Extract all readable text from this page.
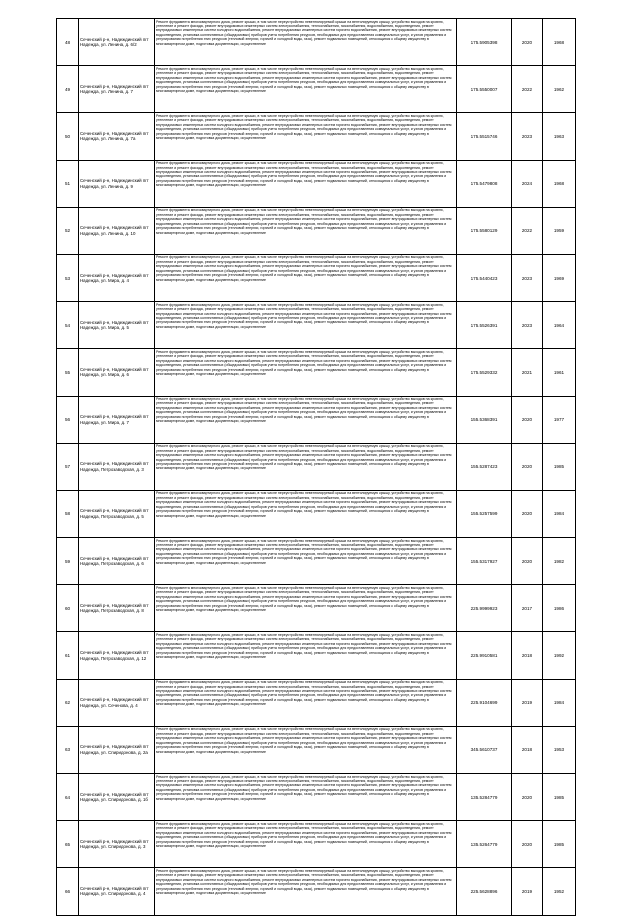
48	Сеченский р-н, Надеждинский пгт Надежда, ул. Ленина, д. 6/2	Ремонт фундамента многоквартирного дома, ремонт крыши, в том числе переустройство невентилируемой крыши на вентилируемую крышу, устройство выходов на кровлю, утепление и ремонт фасада, ремонт внутридомовых инженерных систем электроснабжения, теплоснабжения, газоснабжения, водоснабжения, водоотведения, ремонт внутридомовых инженерных систем холодного водоснабжения, ремонт внутридомовых инженерных систем горячего водоснабжения, ремонт внутридомовых инженерных систем водоотведения, установка коллективных (общедомовых) приборов учета потребления ресурсов, необходимых для предоставления коммунальных услуг, и узлов управления и регулирования потребления этих ресурсов (тепловой энергии, горячей и холодной воды, газа), ремонт подвальных помещений, относящихся к общему имуществу в многоквартирном доме, подготовка документации, осуществление	175.5905398	2020	1968
49	Сеченский р-н, Надеждинский пгт Надежда, ул. Ленина, д. 7	Ремонт фундамента многоквартирного дома, ремонт крыши, в том числе переустройство невентилируемой крыши на вентилируемую крышу, устройство выходов на кровлю, утепление и ремонт фасада, ремонт внутридомовых инженерных систем электроснабжения, теплоснабжения, газоснабжения, водоснабжения, водоотведения, ремонт внутридомовых инженерных систем холодного водоснабжения, ремонт внутридомовых инженерных систем горячего водоснабжения, ремонт внутридомовых инженерных систем водоотведения, установка коллективных (общедомовых) приборов учета потребления ресурсов, необходимых для предоставления коммунальных услуг, и узлов управления и регулирования потребления этих ресурсов (тепловой энергии, горячей и холодной воды, газа), ремонт подвальных помещений, относящихся к общему имуществу в многоквартирном доме, подготовка документации, осуществление	175.5550007	2022	1962
50	Сеченский р-н, Надеждинский пгт Надежда, ул. Ленина, д. 7а	Ремонт фундамента многоквартирного дома, ремонт крыши, в том числе переустройство невентилируемой крыши на вентилируемую крышу, устройство выходов на кровлю, утепление и ремонт фасада, ремонт внутридомовых инженерных систем электроснабжения, теплоснабжения, газоснабжения, водоснабжения, водоотведения, ремонт внутридомовых инженерных систем холодного водоснабжения, ремонт внутридомовых инженерных систем горячего водоснабжения, ремонт внутридомовых инженерных систем водоотведения, установка коллективных (общедомовых) приборов учета потребления ресурсов, необходимых для предоставления коммунальных услуг, и узлов управления и регулирования потребления этих ресурсов (тепловой энергии, горячей и холодной воды, газа), ремонт подвальных помещений, относящихся к общему имуществу в многоквартирном доме, подготовка документации, осуществление	175.5515746	2023	1963
51	Сеченский р-н, Надеждинский пгт Надежда, ул. Ленина, д. 9	Ремонт фундамента многоквартирного дома, ремонт крыши, в том числе переустройство невентилируемой крыши на вентилируемую крышу, устройство выходов на кровлю, утепление и ремонт фасада, ремонт внутридомовых инженерных систем электроснабжения, теплоснабжения, газоснабжения, водоснабжения, водоотведения, ремонт внутридомовых инженерных систем холодного водоснабжения, ремонт внутридомовых инженерных систем горячего водоснабжения, ремонт внутридомовых инженерных систем водоотведения, установка коллективных (общедомовых) приборов учета потребления ресурсов, необходимых для предоставления коммунальных услуг, и узлов управления и регулирования потребления этих ресурсов (тепловой энергии, горячей и холодной воды, газа), ремонт подвальных помещений, относящихся к общему имуществу в многоквартирном доме, подготовка документации, осуществление	175.5479808	2024	1968
52	Сеченский р-н, Надеждинский пгт Надежда, ул. Ленина, д. 10	Ремонт фундамента многоквартирного дома, ремонт крыши, в том числе переустройство невентилируемой крыши на вентилируемую крышу, устройство выходов на кровлю, утепление и ремонт фасада, ремонт внутридомовых инженерных систем электроснабжения, теплоснабжения, газоснабжения, водоснабжения, водоотведения, ремонт внутридомовых инженерных систем холодного водоснабжения, ремонт внутридомовых инженерных систем горячего водоснабжения, ремонт внутридомовых инженерных систем водоотведения, установка коллективных (общедомовых) приборов учета потребления ресурсов, необходимых для предоставления коммунальных услуг, и узлов управления и регулирования потребления этих ресурсов (тепловой энергии, горячей и холодной воды, газа), ремонт подвальных помещений, относящихся к общему имуществу в многоквартирном доме, подготовка документации, осуществление	175.5580129	2022	1959
53	Сеченский р-н, Надеждинский пгт Надежда, ул. Мира, д. 4	Ремонт фундамента многоквартирного дома, ремонт крыши, в том числе переустройство невентилируемой крыши на вентилируемую крышу, устройство выходов на кровлю, утепление и ремонт фасада, ремонт внутридомовых инженерных систем электроснабжения, теплоснабжения, газоснабжения, водоснабжения, водоотведения, ремонт внутридомовых инженерных систем холодного водоснабжения, ремонт внутридомовых инженерных систем горячего водоснабжения, ремонт внутридомовых инженерных систем водоотведения, установка коллективных (общедомовых) приборов учета потребления ресурсов, необходимых для предоставления коммунальных услуг, и узлов управления и регулирования потребления этих ресурсов (тепловой энергии, горячей и холодной воды, газа), ремонт подвальных помещений, относящихся к общему имуществу в многоквартирном доме, подготовка документации, осуществление	175.5440423	2023	1969
54	Сеченский р-н, Надеждинский пгт Надежда, ул. Мира, д. 5	Ремонт фундамента многоквартирного дома, ремонт крыши, в том числе переустройство невентилируемой крыши на вентилируемую крышу, устройство выходов на кровлю, утепление и ремонт фасада, ремонт внутридомовых инженерных систем электроснабжения, теплоснабжения, газоснабжения, водоснабжения, водоотведения, ремонт внутридомовых инженерных систем холодного водоснабжения, ремонт внутридомовых инженерных систем горячего водоснабжения, ремонт внутридомовых инженерных систем водоотведения, установка коллективных (общедомовых) приборов учета потребления ресурсов, необходимых для предоставления коммунальных услуг, и узлов управления и регулирования потребления этих ресурсов (тепловой энергии, горячей и холодной воды, газа), ремонт подвальных помещений, относящихся к общему имуществу в многоквартирном доме, подготовка документации, осуществление	175.5526391	2023	1964
55	Сеченский р-н, Надеждинский пгт Надежда, ул. Мира, д. 6	Ремонт фундамента многоквартирного дома, ремонт крыши, в том числе переустройство невентилируемой крыши на вентилируемую крышу, устройство выходов на кровлю, утепление и ремонт фасада, ремонт внутридомовых инженерных систем электроснабжения, теплоснабжения, газоснабжения, водоснабжения, водоотведения, ремонт внутридомовых инженерных систем холодного водоснабжения, ремонт внутридомовых инженерных систем горячего водоснабжения, ремонт внутридомовых инженерных систем водоотведения, установка коллективных (общедомовых) приборов учета потребления ресурсов, необходимых для предоставления коммунальных услуг, и узлов управления и регулирования потребления этих ресурсов (тепловой энергии, горячей и холодной воды, газа), ремонт подвальных помещений, относящихся к общему имуществу в многоквартирном доме, подготовка документации, осуществление	175.5529332	2021	1961
56	Сеченский р-н, Надеждинский пгт Надежда, ул. Мира, д. 7	Ремонт фундамента многоквартирного дома, ремонт крыши, в том числе переустройство невентилируемой крыши на вентилируемую крышу, устройство выходов на кровлю, утепление и ремонт фасада, ремонт внутридомовых инженерных систем электроснабжения, теплоснабжения, газоснабжения, водоснабжения, водоотведения, ремонт внутридомовых инженерных систем холодного водоснабжения, ремонт внутридомовых инженерных систем горячего водоснабжения, ремонт внутридомовых инженерных систем водоотведения, установка коллективных (общедомовых) приборов учета потребления ресурсов, необходимых для предоставления коммунальных услуг, и узлов управления и регулирования потребления этих ресурсов (тепловой энергии, горячей и холодной воды, газа), ремонт подвальных помещений, относящихся к общему имуществу в многоквартирном доме, подготовка документации, осуществление	155.5368391	2020	1977
57	Сеченский р-н, Надеждинский пгт Надежда, Петрозаводская, д. 3	Ремонт фундамента многоквартирного дома, ремонт крыши, в том числе переустройство невентилируемой крыши на вентилируемую крышу, устройство выходов на кровлю, утепление и ремонт фасада, ремонт внутридомовых инженерных систем электроснабжения, теплоснабжения, газоснабжения, водоснабжения, водоотведения, ремонт внутридомовых инженерных систем холодного водоснабжения, ремонт внутридомовых инженерных систем горячего водоснабжения, ремонт внутридомовых инженерных систем водоотведения, установка коллективных (общедомовых) приборов учета потребления ресурсов, необходимых для предоставления коммунальных услуг, и узлов управления и регулирования потребления этих ресурсов (тепловой энергии, горячей и холодной воды, газа), ремонт подвальных помещений, относящихся к общему имуществу в многоквартирном доме, подготовка документации, осуществление	155.5287423	2020	1985
58	Сеченский р-н, Надеждинский пгт Надежда, Петрозаводская, д. 5	Ремонт фундамента многоквартирного дома, ремонт крыши, в том числе переустройство невентилируемой крыши на вентилируемую крышу, устройство выходов на кровлю, утепление и ремонт фасада, ремонт внутридомовых инженерных систем электроснабжения, теплоснабжения, газоснабжения, водоснабжения, водоотведения, ремонт внутридомовых инженерных систем холодного водоснабжения, ремонт внутридомовых инженерных систем горячего водоснабжения, ремонт внутридомовых инженерных систем водоотведения, установка коллективных (общедомовых) приборов учета потребления ресурсов, необходимых для предоставления коммунальных услуг, и узлов управления и регулирования потребления этих ресурсов (тепловой энергии, горячей и холодной воды, газа), ремонт подвальных помещений, относящихся к общему имуществу в многоквартирном доме, подготовка документации, осуществление	155.5257599	2020	1984
59	Сеченский р-н, Надеждинский пгт Надежда, Петрозаводская, д. 6	Ремонт фундамента многоквартирного дома, ремонт крыши, в том числе переустройство невентилируемой крыши на вентилируемую крышу, устройство выходов на кровлю, утепление и ремонт фасада, ремонт внутридомовых инженерных систем электроснабжения, теплоснабжения, газоснабжения, водоснабжения, водоотведения, ремонт внутридомовых инженерных систем холодного водоснабжения, ремонт внутридомовых инженерных систем горячего водоснабжения, ремонт внутридомовых инженерных систем водоотведения, установка коллективных (общедомовых) приборов учета потребления ресурсов, необходимых для предоставления коммунальных услуг, и узлов управления и регулирования потребления этих ресурсов (тепловой энергии, горячей и холодной воды, газа), ремонт подвальных помещений, относящихся к общему имуществу в многоквартирном доме, подготовка документации, осуществление	155.5317927	2020	1982
60	Сеченский р-н, Надеждинский пгт Надежда, Петрозаводская, д. 8	Ремонт фундамента многоквартирного дома, ремонт крыши, в том числе переустройство невентилируемой крыши на вентилируемую крышу, устройство выходов на кровлю, утепление и ремонт фасада, ремонт внутридомовых инженерных систем электроснабжения, теплоснабжения, газоснабжения, водоснабжения, водоотведения, ремонт внутридомовых инженерных систем холодного водоснабжения, ремонт внутридомовых инженерных систем горячего водоснабжения, ремонт внутридомовых инженерных систем водоотведения, установка коллективных (общедомовых) приборов учета потребления ресурсов, необходимых для предоставления коммунальных услуг, и узлов управления и регулирования потребления этих ресурсов (тепловой энергии, горячей и холодной воды, газа), ремонт подвальных помещений, относящихся к общему имуществу в многоквартирном доме, подготовка документации, осуществление	225.9999923	2017	1986
61	Сеченский р-н, Надеждинский пгт Надежда, Петрозаводская, д. 12	Ремонт фундамента многоквартирного дома, ремонт крыши, в том числе переустройство невентилируемой крыши на вентилируемую крышу, устройство выходов на кровлю, утепление и ремонт фасада, ремонт внутридомовых инженерных систем электроснабжения, теплоснабжения, газоснабжения, водоснабжения, водоотведения, ремонт внутридомовых инженерных систем холодного водоснабжения, ремонт внутридомовых инженерных систем горячего водоснабжения, ремонт внутридомовых инженерных систем водоотведения, установка коллективных (общедомовых) приборов учета потребления ресурсов, необходимых для предоставления коммунальных услуг, и узлов управления и регулирования потребления этих ресурсов (тепловой энергии, горячей и холодной воды, газа), ремонт подвальных помещений, относящихся к общему имуществу в многоквартирном доме, подготовка документации, осуществление	225.9910581	2018	1992
62	Сеченский р-н, Надеждинский пгт Надежда, ул. Сеченова, д. 4	Ремонт фундамента многоквартирного дома, ремонт крыши, в том числе переустройство невентилируемой крыши на вентилируемую крышу, устройство выходов на кровлю, утепление и ремонт фасада, ремонт внутридомовых инженерных систем электроснабжения, теплоснабжения, газоснабжения, водоснабжения, водоотведения, ремонт внутридомовых инженерных систем холодного водоснабжения, ремонт внутридомовых инженерных систем горячего водоснабжения, ремонт внутридомовых инженерных систем водоотведения, установка коллективных (общедомовых) приборов учета потребления ресурсов, необходимых для предоставления коммунальных услуг, и узлов управления и регулирования потребления этих ресурсов (тепловой энергии, горячей и холодной воды, газа), ремонт подвальных помещений, относящихся к общему имуществу в многоквартирном доме, подготовка документации, осуществление	225.9104699	2019	1984
63	Сеченский р-н, Надеждинский пгт Надежда, ул. Спиридонова, д. 2а	Ремонт фундамента многоквартирного дома, ремонт крыши, в том числе переустройство невентилируемой крыши на вентилируемую крышу, устройство выходов на кровлю, утепление и ремонт фасада, ремонт внутридомовых инженерных систем электроснабжения, теплоснабжения, газоснабжения, водоснабжения, водоотведения, ремонт внутридомовых инженерных систем холодного водоснабжения, ремонт внутридомовых инженерных систем горячего водоснабжения, ремонт внутридомовых инженерных систем водоотведения, установка коллективных (общедомовых) приборов учета потребления ресурсов, необходимых для предоставления коммунальных услуг, и узлов управления и регулирования потребления этих ресурсов (тепловой энергии, горячей и холодной воды, газа), ремонт подвальных помещений, относящихся к общему имуществу в многоквартирном доме, подготовка документации, осуществление	345.5610737	2018	1953
64	Сеченский р-н, Надеждинский пгт Надежда, ул. Спиридонова, д. 1б	Ремонт фундамента многоквартирного дома, ремонт крыши, в том числе переустройство невентилируемой крыши на вентилируемую крышу, устройство выходов на кровлю, утепление и ремонт фасада, ремонт внутридомовых инженерных систем электроснабжения, теплоснабжения, газоснабжения, водоснабжения, водоотведения, ремонт внутридомовых инженерных систем холодного водоснабжения, ремонт внутридомовых инженерных систем горячего водоснабжения, ремонт внутридомовых инженерных систем водоотведения, установка коллективных (общедомовых) приборов учета потребления ресурсов, необходимых для предоставления коммунальных услуг, и узлов управления и регулирования потребления этих ресурсов (тепловой энергии, горячей и холодной воды, газа), ремонт подвальных помещений, относящихся к общему имуществу в многоквартирном доме, подготовка документации, осуществление	135.5284779	2020	1985
65	Сеченский р-н, Надеждинский пгт Надежда, ул. Спиридонова, д. 3	Ремонт фундамента многоквартирного дома, ремонт крыши, в том числе переустройство невентилируемой крыши на вентилируемую крышу, устройство выходов на кровлю, утепление и ремонт фасада, ремонт внутридомовых инженерных систем электроснабжения, теплоснабжения, газоснабжения, водоснабжения, водоотведения, ремонт внутридомовых инженерных систем холодного водоснабжения, ремонт внутридомовых инженерных систем горячего водоснабжения, ремонт внутридомовых инженерных систем водоотведения, установка коллективных (общедомовых) приборов учета потребления ресурсов, необходимых для предоставления коммунальных услуг, и узлов управления и регулирования потребления этих ресурсов (тепловой энергии, горячей и холодной воды, газа), ремонт подвальных помещений, относящихся к общему имуществу в многоквартирном доме, подготовка документации, осуществление	135.5264779	2020	1985
66	Сеченский р-н, Надеждинский пгт Надежда, ул. Спиридонова, д. 4	Ремонт фундамента многоквартирного дома, ремонт крыши, в том числе переустройство невентилируемой крыши на вентилируемую крышу, устройство выходов на кровлю, утепление и ремонт фасада, ремонт внутридомовых инженерных систем электроснабжения, теплоснабжения, газоснабжения, водоснабжения, водоотведения, ремонт внутридомовых инженерных систем холодного водоснабжения, ремонт внутридомовых инженерных систем горячего водоснабжения, ремонт внутридомовых инженерных систем водоотведения, установка коллективных (общедомовых) приборов учета потребления ресурсов, необходимых для предоставления коммунальных услуг, и узлов управления и регулирования потребления этих ресурсов (тепловой энергии, горячей и холодной воды, газа), ремонт подвальных помещений, относящихся к общему имуществу в многоквартирном доме, подготовка документации, осуществление	225.5628896	2019	1952
